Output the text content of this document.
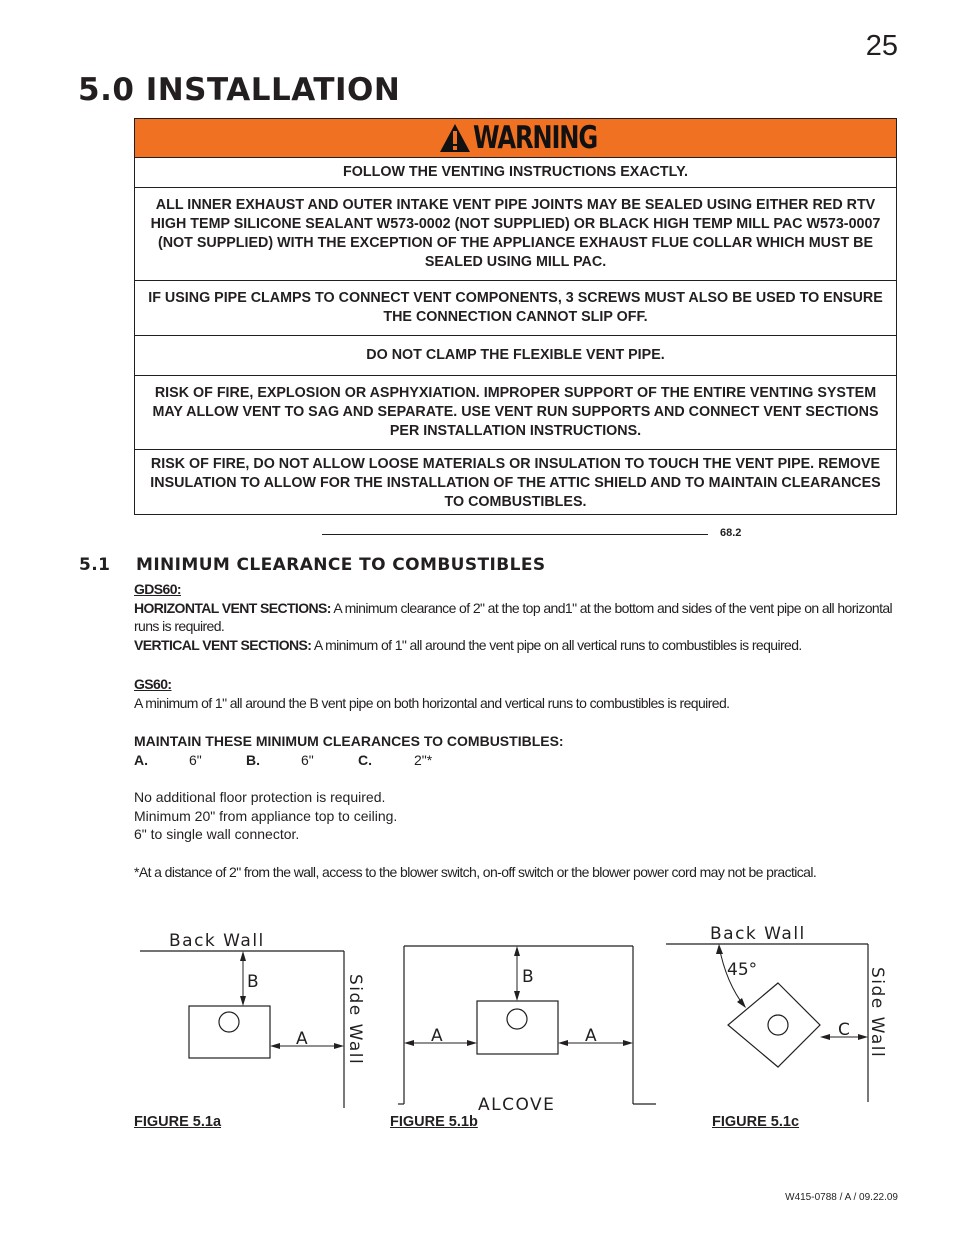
25
5.0 INSTALLATION
WARNING
FOLLOW THE VENTING INSTRUCTIONS EXACTLY.
ALL INNER EXHAUST AND OUTER INTAKE VENT PIPE JOINTS MAY BE SEALED USING EITHER RED RTV HIGH TEMP SILICONE SEALANT W573-0002 (NOT SUPPLIED) OR BLACK HIGH TEMP MILL PAC W573-0007 (NOT SUPPLIED) WITH THE EXCEPTION OF THE APPLIANCE EXHAUST FLUE COLLAR WHICH MUST BE SEALED USING MILL PAC.
IF USING PIPE CLAMPS TO CONNECT VENT COMPONENTS, 3 SCREWS MUST ALSO BE USED TO ENSURE THE CONNECTION CANNOT SLIP OFF.
DO NOT CLAMP THE FLEXIBLE VENT PIPE.
RISK OF FIRE, EXPLOSION OR ASPHYXIATION. IMPROPER SUPPORT OF THE ENTIRE VENTING SYSTEM MAY ALLOW VENT TO SAG AND SEPARATE. USE VENT RUN SUPPORTS AND CONNECT VENT SECTIONS PER INSTALLATION INSTRUCTIONS.
RISK OF FIRE, DO NOT ALLOW LOOSE MATERIALS OR INSULATION TO TOUCH THE VENT PIPE. REMOVE INSULATION TO ALLOW FOR THE INSTALLATION OF THE ATTIC SHIELD AND TO MAINTAIN CLEARANCES TO COMBUSTIBLES.
68.2
5.1 MINIMUM CLEARANCE TO COMBUSTIBLES
GDS60:
HORIZONTAL VENT SECTIONS: A minimum clearance of 2" at the top and1" at the bottom and sides of the vent pipe on all horizontal runs is required.
VERTICAL VENT SECTIONS: A minimum of 1" all around the vent pipe on all vertical runs to combustibles is required.
GS60:
A minimum of 1" all around the B vent pipe on both horizontal and vertical runs to combustibles is required.
MAINTAIN THESE MINIMUM CLEARANCES TO COMBUSTIBLES:
A.	6"	B.	6"	C.	2"*
No additional floor protection is required.
Minimum 20" from appliance top to ceiling.
6" to single wall connector.
*At a distance of 2" from the wall, access to the blower switch, on-off switch or the blower power cord may not be practical.
Back Wall
B
A Side Wall	B
A	A
ALCOVE
Back Wall
45°
C Side Wall
FIGURE 5.1a	FIGURE 5.1b	FIGURE 5.1c
W415-0788 / A / 09.22.09
